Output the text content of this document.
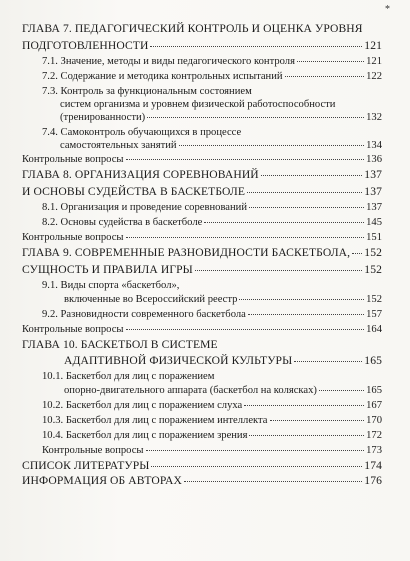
*
ГЛАВА 7. ПЕДАГОГИЧЕСКИЙ КОНТРОЛЬ И ОЦЕНКА УРОВНЯ
ПОДГОТОВЛЕННОСТИ	121
7.1. Значение, методы и виды педагогического контроля	121
7.2. Содержание и методика контрольных испытаний	122
7.3. Контроль за функциональным состоянием
систем организма и уровнем физической работоспособности
(тренированности)	132
7.4. Самоконтроль обучающихся в процессе
самостоятельных занятий	134
Контрольные вопросы	136
ГЛАВА 8. ОРГАНИЗАЦИЯ СОРЕВНОВАНИЙ	137
И ОСНОВЫ СУДЕЙСТВА В БАСКЕТБОЛЕ	137
8.1. Организация и проведение соревнований	137
8.2. Основы судейства в баскетболе	145
Контрольные вопросы	151
ГЛАВА 9. СОВРЕМЕННЫЕ РАЗНОВИДНОСТИ БАСКЕТБОЛА, 152
СУЩНОСТЬ И ПРАВИЛА ИГРЫ	152
9.1. Виды спорта «баскетбол»,
включенные во Всероссийский реестр	152
9.2. Разновидности современного баскетбола	157
Контрольные вопросы	164
ГЛАВА 10. БАСКЕТБОЛ В СИСТЕМЕ
АДАПТИВНОЙ ФИЗИЧЕСКОЙ КУЛЬТУРЫ	165
10.1. Баскетбол для лиц с поражением
опорно-двигательного аппарата (баскетбол на колясках)	165
10.2. Баскетбол для лиц с поражением слуха	167
10.3. Баскетбол для лиц с поражением интеллекта	170
10.4. Баскетбол для лиц с поражением зрения	172
Контрольные вопросы	173
СПИСОК ЛИТЕРАТУРЫ	174
ИНФОРМАЦИЯ ОБ АВТОРАХ	176
